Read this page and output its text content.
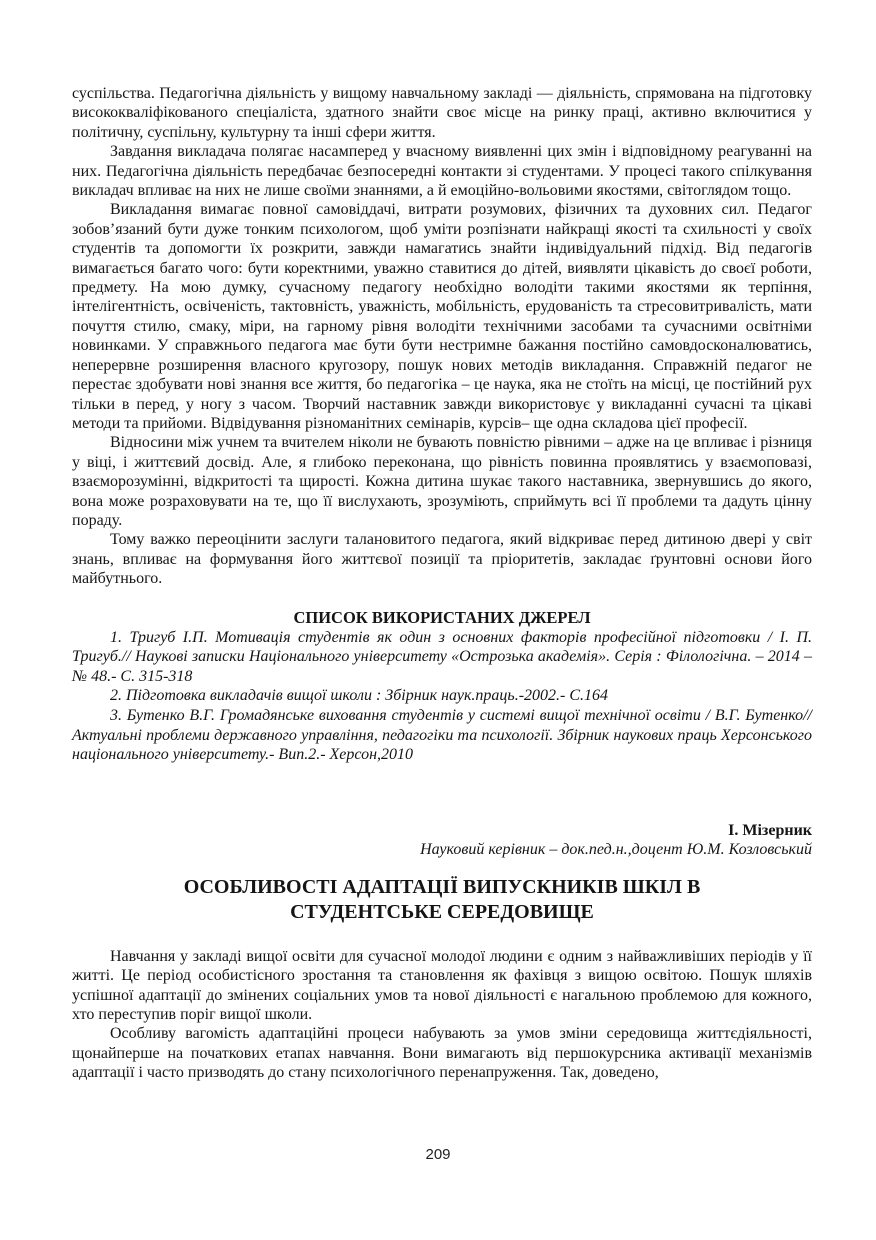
суспільства. Педагогічна діяльність у вищому навчальному закладі — діяльність, спрямована на підготовку висококваліфікованого спеціаліста, здатного знайти своє місце на ринку праці, активно включитися у політичну, суспільну, культурну та інші сфери життя.

Завдання викладача полягає насамперед у вчасному виявленні цих змін і відповідному реагуванні на них. Педагогічна діяльність передбачає безпосередні контакти зі студентами. У процесі такого спілкування викладач впливає на них не лише своїми знаннями, а й емоційно-вольовими якостями, світоглядом тощо.

Викладання вимагає повної самовіддачі, витрати розумових, фізичних та духовних сил. Педагог зобов’язаний бути дуже тонким психологом, щоб уміти розпізнати найкращі якості та схильності у своїх студентів та допомогти їх розкрити, завжди намагатись знайти індивідуальний підхід. Від педагогів вимагається багато чого: бути коректними, уважно ставитися до дітей, виявляти цікавість до своєї роботи, предмету. На мою думку, сучасному педагогу необхідно володіти такими якостями як терпіння, інтелігентність, освіченість, тактовність, уважність, мобільність, ерудованість та стресовитривалість, мати почуття стилю, смаку, міри, на гарному рівня володіти технічними засобами та сучасними освітніми новинками. У справжнього педагога має бути бути нестримне бажання постійно самовдосконалюватись, неперервне розширення власного кругозору, пошук нових методів викладання. Справжній педагог не перестає здобувати нові знання все життя, бо педагогіка – це наука, яка не стоїть на місці, це постійний рух тільки в перед, у ногу з часом. Творчий наставник завжди використовує у викладанні сучасні та цікаві методи та прийоми. Відвідування різноманітних семінарів, курсів– ще одна складова цієї професії.

Відносини між учнем та вчителем ніколи не бувають повністю рівними – адже на це впливає і різниця у віці, і життєвий досвід. Але, я глибоко переконана, що рівність повинна проявлятись у взаємоповазі, взаєморозумінні, відкритості та щирості. Кожна дитина шукає такого наставника, звернувшись до якого, вона може розраховувати на те, що її вислухають, зрозуміють, сприймуть всі її проблеми та дадуть цінну пораду.

Тому важко переоцінити заслуги талановитого педагога, який відкриває перед дитиною двері у світ знань, впливає на формування його життєвої позиції та пріоритетів, закладає ґрунтовні основи його майбутнього.

СПИСОК ВИКОРИСТАНИХ ДЖЕРЕЛ

1. Тригуб І.П. Мотивація студентів як один з основних факторів професійної підготовки / І. П. Тригуб.// Наукові записки Національного університету «Острозька академія». Серія : Філологічна. – 2014 – № 48.- С. 315-318

2. Підготовка викладачів вищої школи : Збірник наук.праць.-2002.- С.164

3. Бутенко В.Г. Громадянське виховання студентів у системі вищої технічної освіти / В.Г. Бутенко// Актуальні проблеми державного управління, педагогіки та психології. Збірник наукових праць Херсонського національного університету.- Вип.2.- Херсон,2010

І. Мізерник

Науковий керівник – док.пед.н.,доцент Ю.М. Козловський

ОСОБЛИВОСТІ АДАПТАЦІЇ ВИПУСКНИКІВ ШКІЛ В СТУДЕНТСЬКЕ СЕРЕДОВИЩЕ

Навчання у закладі вищої освіти для сучасної молодої людини є одним з найважливіших періодів у її житті. Це період особистісного зростання та становлення як фахівця з вищою освітою. Пошук шляхів успішної адаптації до змінених соціальних умов та нової діяльності є нагальною проблемою для кожного, хто переступив поріг вищої школи.

Особливу вагомість адаптаційні процеси набувають за умов зміни середовища життєдіяльності, щонайперше на початкових етапах навчання. Вони вимагають від першокурсника активації механізмів адаптації і часто призводять до стану психологічного перенапруження. Так, доведено,

209
